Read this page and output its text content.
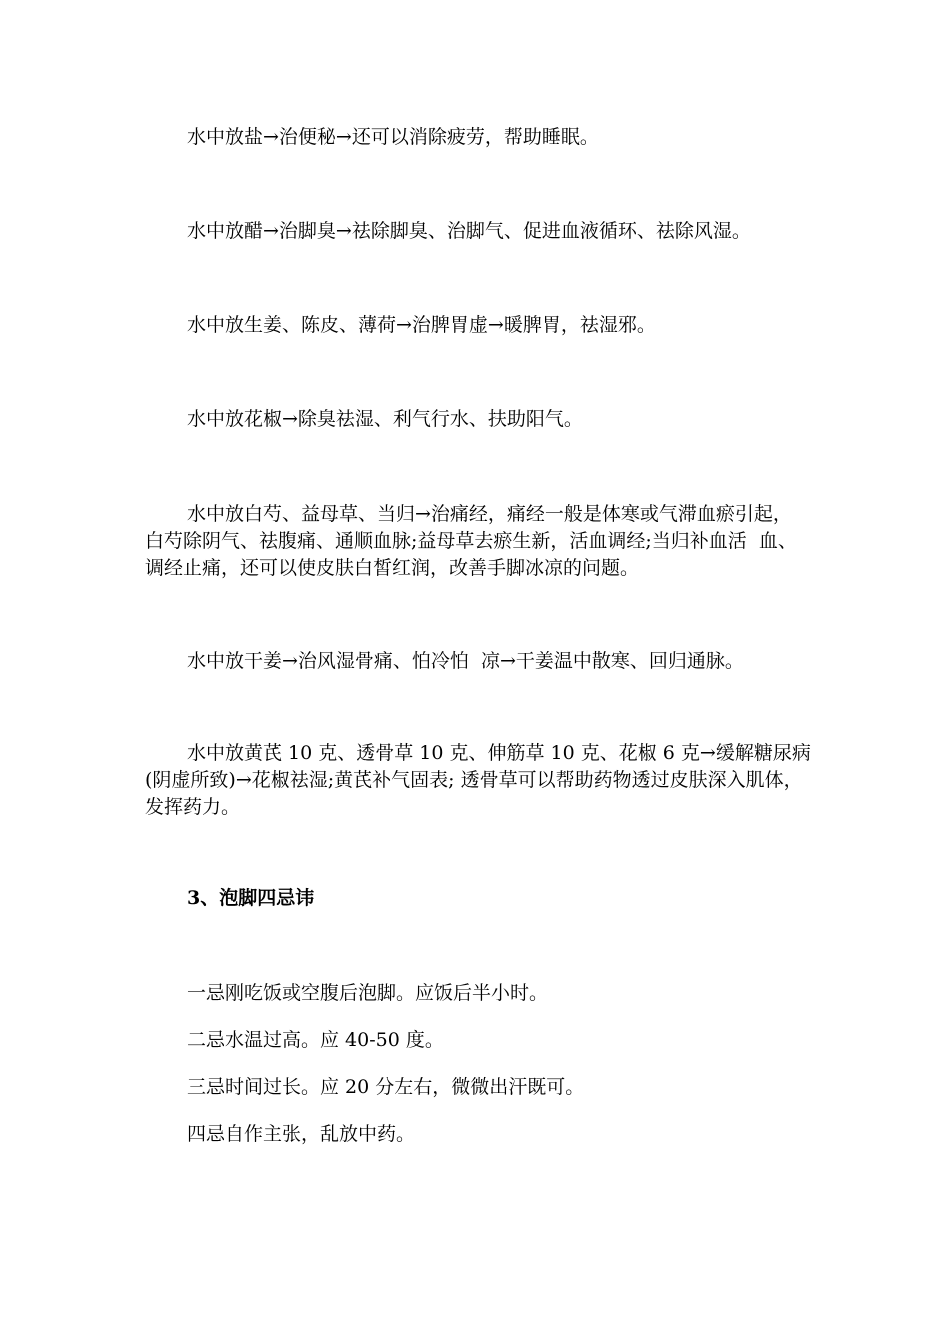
水中放盐→治便秘→还可以消除疲劳，帮助睡眠。

水中放醋→治脚臭→祛除脚臭、治脚气、促进血液循环、祛除风湿。

水中放生姜、陈皮、薄荷→治脾胃虚→暖脾胃，祛湿邪。

水中放花椒→除臭祛湿、利气行水、扶助阳气。

水中放白芍、益母草、当归→治痛经，痛经一般是体寒或气滞血瘀引起， 白芍除阴气、祛腹痛、通顺血脉;益母草去瘀生新，活血调经;当归补血活  血、调经止痛，还可以使皮肤白皙红润，改善手脚冰凉的问题。

水中放干姜→治风湿骨痛、怕冷怕  凉→干姜温中散寒、回归通脉。

水中放黄芪 10 克、透骨草 10 克、伸筋草 10 克、花椒 6 克→缓解糖尿病(阴虚所致)→花椒祛湿;黄芪补气固表; 透骨草可以帮助药物透过皮肤深入肌体，  发挥药力。

3、泡脚四忌讳

一忌刚吃饭或空腹后泡脚。应饭后半小时。

二忌水温过高。应 40-50 度。

三忌时间过长。应 20 分左右，微微出汗既可。

四忌自作主张，乱放中药。
